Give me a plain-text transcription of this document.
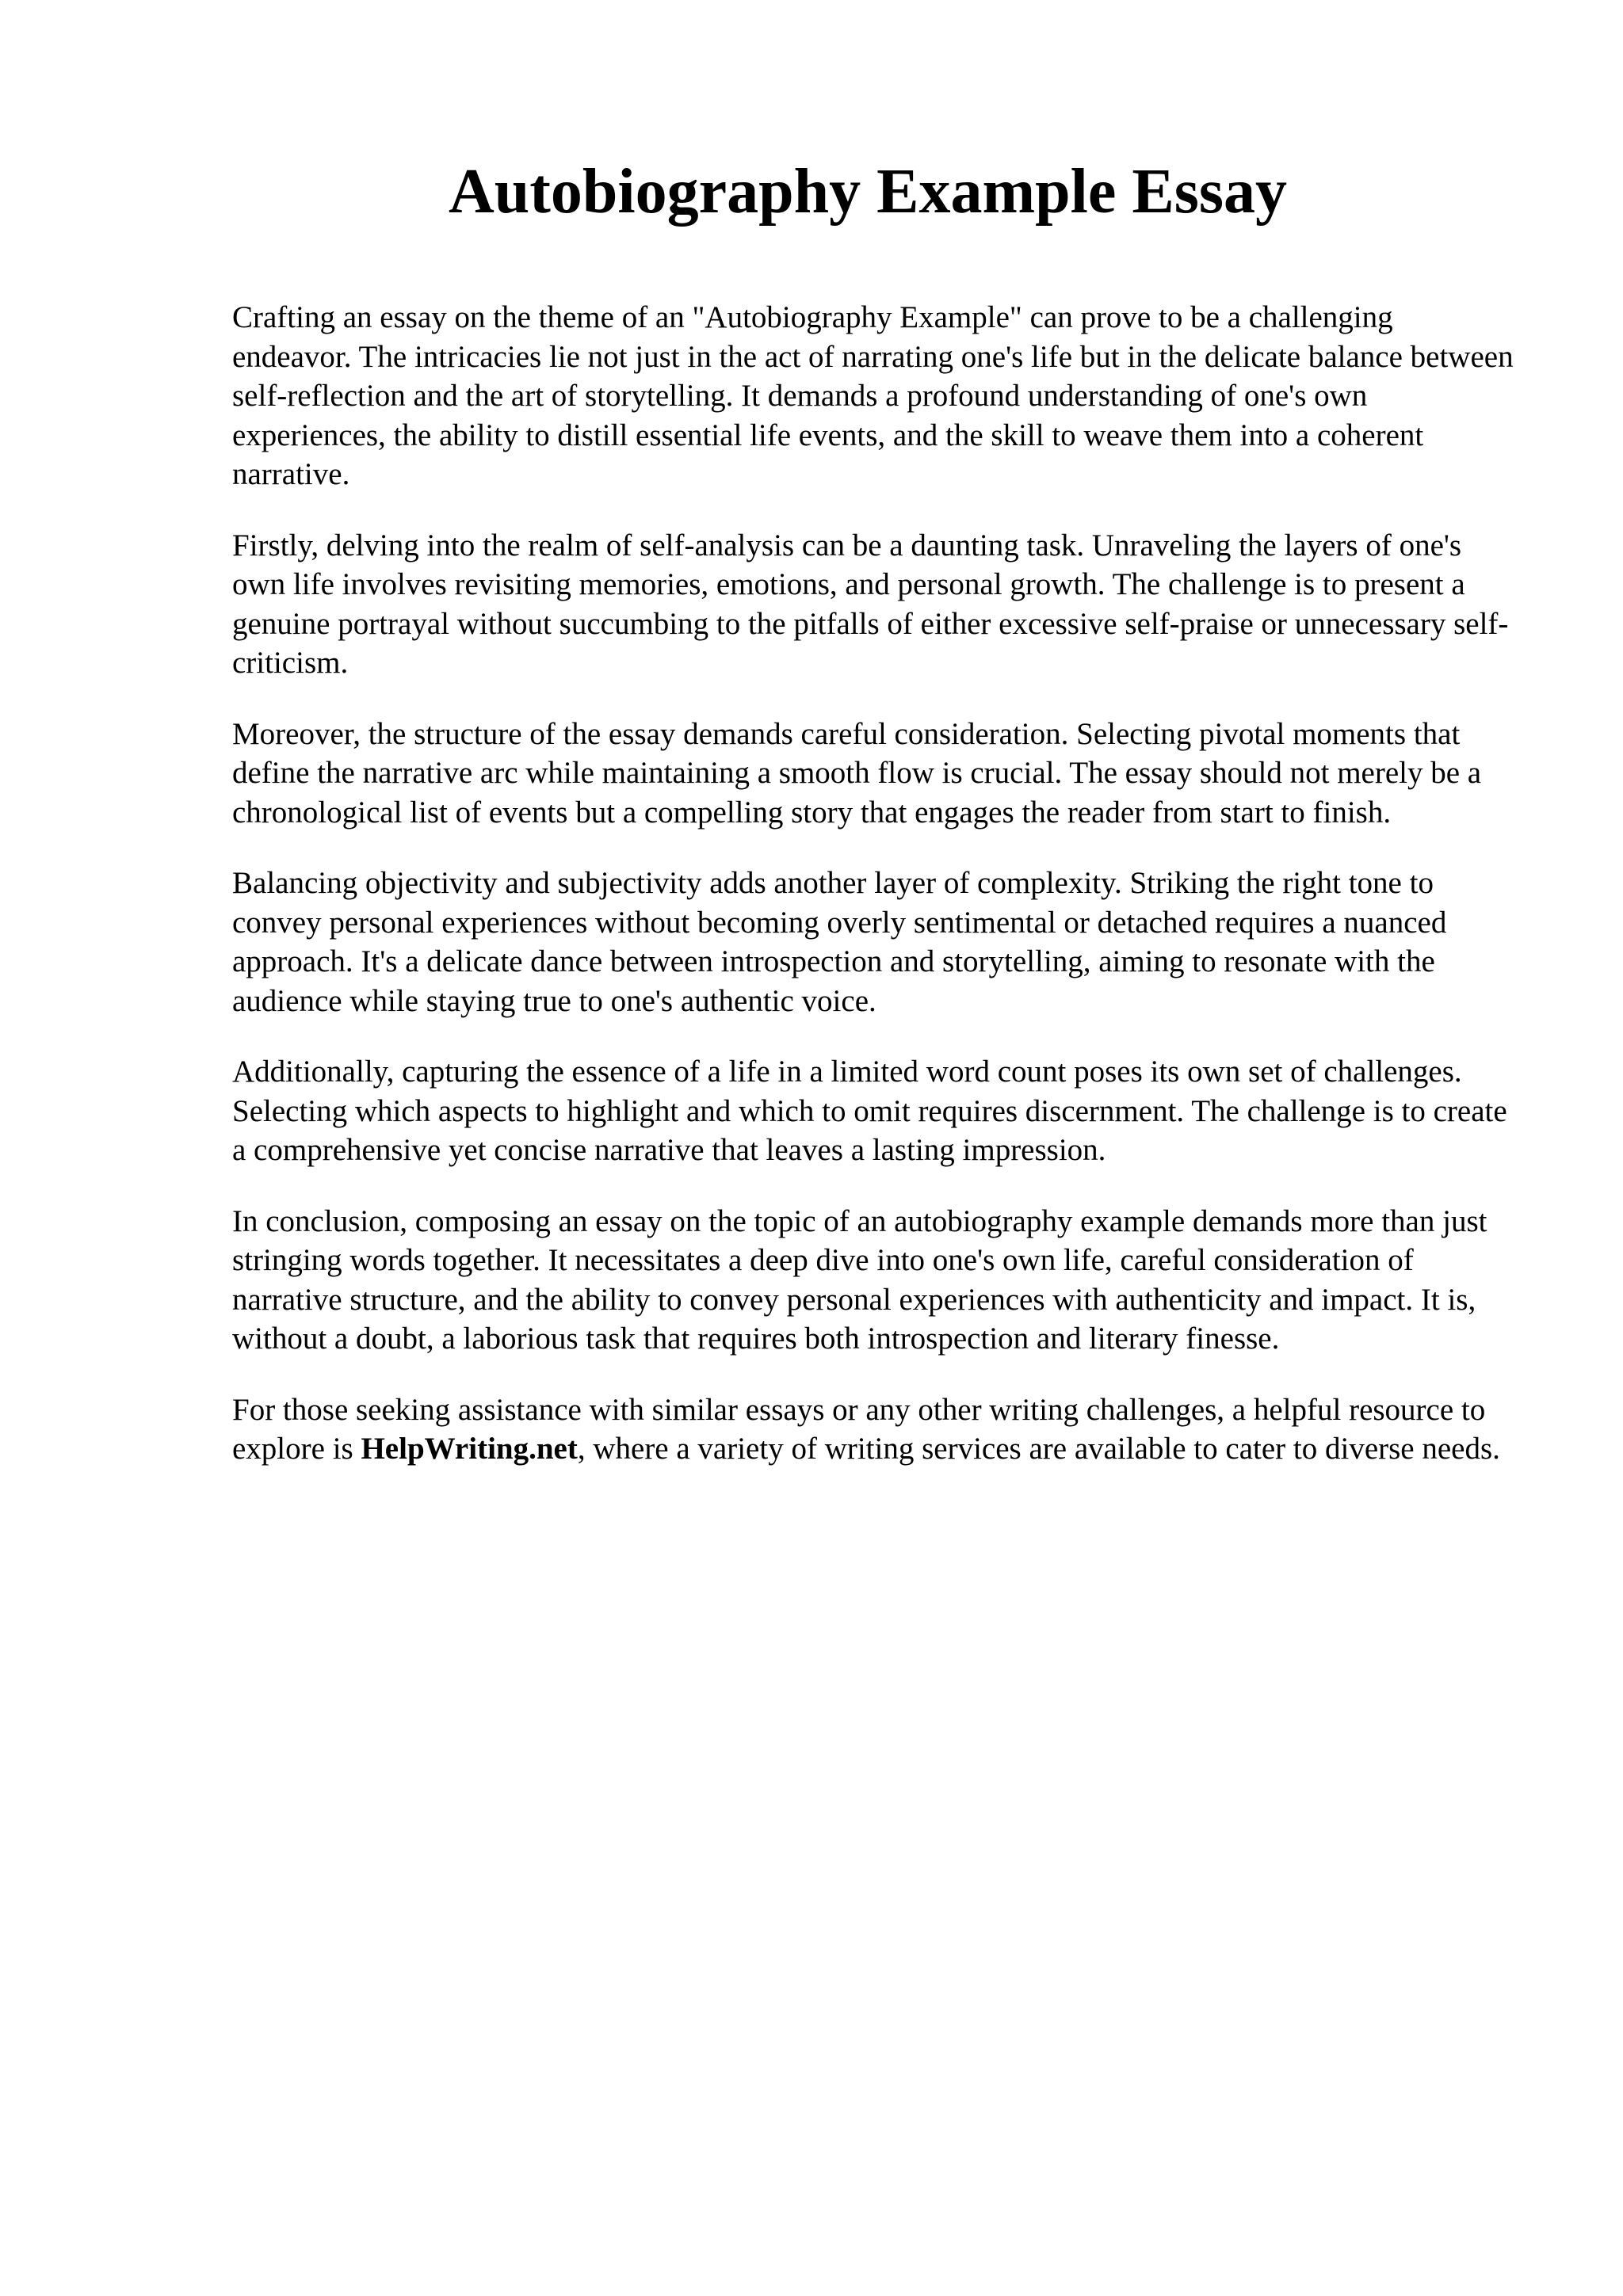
Autobiography Example Essay

Crafting an essay on the theme of an "Autobiography Example" can prove to be a challenging endeavor. The intricacies lie not just in the act of narrating one's life but in the delicate balance between self-reflection and the art of storytelling. It demands a profound understanding of one's own experiences, the ability to distill essential life events, and the skill to weave them into a coherent narrative.

Firstly, delving into the realm of self-analysis can be a daunting task. Unraveling the layers of one's own life involves revisiting memories, emotions, and personal growth. The challenge is to present a genuine portrayal without succumbing to the pitfalls of either excessive self-praise or unnecessary self-criticism.

Moreover, the structure of the essay demands careful consideration. Selecting pivotal moments that define the narrative arc while maintaining a smooth flow is crucial. The essay should not merely be a chronological list of events but a compelling story that engages the reader from start to finish.

Balancing objectivity and subjectivity adds another layer of complexity. Striking the right tone to convey personal experiences without becoming overly sentimental or detached requires a nuanced approach. It's a delicate dance between introspection and storytelling, aiming to resonate with the audience while staying true to one's authentic voice.

Additionally, capturing the essence of a life in a limited word count poses its own set of challenges. Selecting which aspects to highlight and which to omit requires discernment. The challenge is to create a comprehensive yet concise narrative that leaves a lasting impression.

In conclusion, composing an essay on the topic of an autobiography example demands more than just stringing words together. It necessitates a deep dive into one's own life, careful consideration of narrative structure, and the ability to convey personal experiences with authenticity and impact. It is, without a doubt, a laborious task that requires both introspection and literary finesse.

For those seeking assistance with similar essays or any other writing challenges, a helpful resource to explore is HelpWriting.net, where a variety of writing services are available to cater to diverse needs.
